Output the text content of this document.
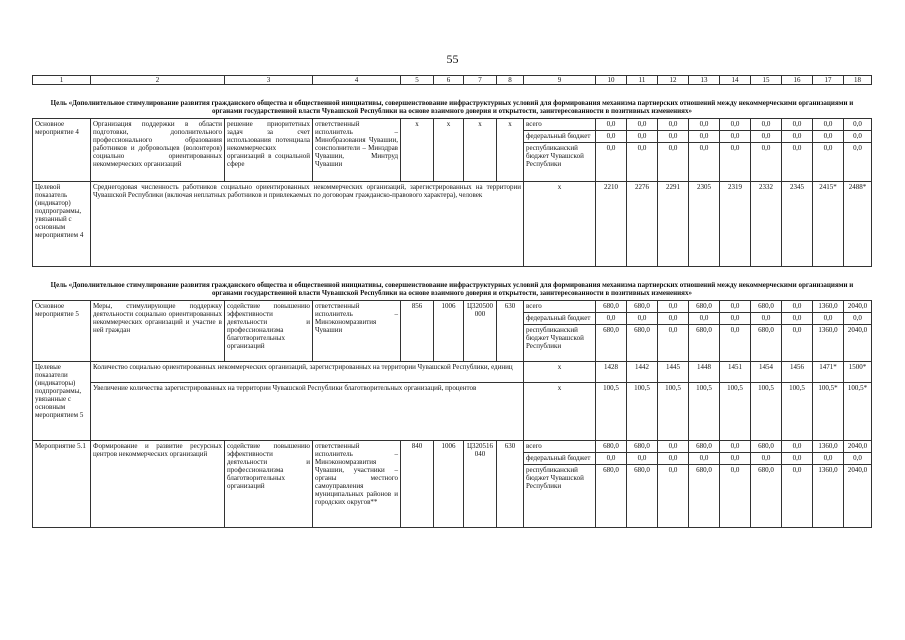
55
1	2	3	4	5	6	7	8	9	10	11	12	13	14	15	16	17	18
Цель «Дополнительное стимулирование развития гражданского общества и общественной инициативы, совершенствование инфраструктурных условий для формирования механизма партнерских отношений между некоммерческими организациями и органами государственной власти Чувашской Республики на основе взаимного доверия и открытости, заинтересованности в позитивных изменениях»																	
Основное мероприятие 4	Организация поддержки в области подготовки, дополнительного профессионального образования работников и добровольцев (волонтеров) социально ориентированных некоммерческих организаций	решение приоритетных задач за счет использования потенциала некоммерческих организаций в социальной сфере	ответственный исполнитель – Минобразования Чувашии, соисполнители – Минздрав Чувашии, Минтруд Чувашии	x	x	x	x	всего	0,0	0,0	0,0	0,0	0,0	0,0	0,0	0,0	0,0
								федеральный бюджет	0,0	0,0	0,0	0,0	0,0	0,0	0,0	0,0	0,0
								республиканский бюджет Чувашской Республики	0,0	0,0	0,0	0,0	0,0	0,0	0,0	0,0	0,0
Целевой показатель (индикатор) подпрограммы, увязанный с основным мероприятием 4	Среднегодовая численность работников социально ориентированных некоммерческих организаций, зарегистрированных на территории Чувашской Республики (включая неплатных работников и привлекаемых по договорам гражданско-правового характера), человек							x	2210	2276	2291	2305	2319	2332	2345	2415*	2488*
Цель «Дополнительное стимулирование развития гражданского общества и общественной инициативы, совершенствование инфраструктурных условий для формирования механизма партнерских отношений между некоммерческими организациями и органами государственной власти Чувашской Республики на основе взаимного доверия и открытости, заинтересованности в позитивных изменениях»																	
Основное мероприятие 5	Меры, стимулирующие поддержку деятельности социально ориентированных некоммерческих организаций и участие в ней граждан	содействие повышению эффективности деятельности и профессионализма благотворительных организаций	ответственный исполнитель – Минэкономразвития Чувашии	856	1006	Ц320500000	630	всего	680,0	680,0	0,0	680,0	0,0	680,0	0,0	1360,0	2040,0
								федеральный бюджет	0,0	0,0	0,0	0,0	0,0	0,0	0,0	0,0	0,0
								республиканский бюджет Чувашской Республики	680,0	680,0	0,0	680,0	0,0	680,0	0,0	1360,0	2040,0
Целевые показатели (индикаторы) подпрограммы, увязанные с основным мероприятием 5	Количество социально ориентированных некоммерческих организаций, зарегистрированных на территории Чувашской Республики, единиц							x	1428	1442	1445	1448	1451	1454	1456	1471*	1500*
	Увеличение количества зарегистрированных на территории Чувашской Республики благотворительных организаций, процентов							x	100,5	100,5	100,5	100,5	100,5	100,5	100,5	100,5*	100,5*
Мероприятие 5.1	Формирование и развитие ресурсных центров некоммерческих организаций	содействие повышению эффективности деятельности и профессионализма благотворительных организаций	ответственный исполнитель – Минэкономразвития Чувашии, участники – органы местного самоуправления муниципальных районов и городских округов**	840	1006	Ц320516040	630	всего	680,0	680,0	0,0	680,0	0,0	680,0	0,0	1360,0	2040,0
								федеральный бюджет	0,0	0,0	0,0	0,0	0,0	0,0	0,0	0,0	0,0
								республиканский бюджет Чувашской Республики	680,0	680,0	0,0	680,0	0,0	680,0	0,0	1360,0	2040,0
